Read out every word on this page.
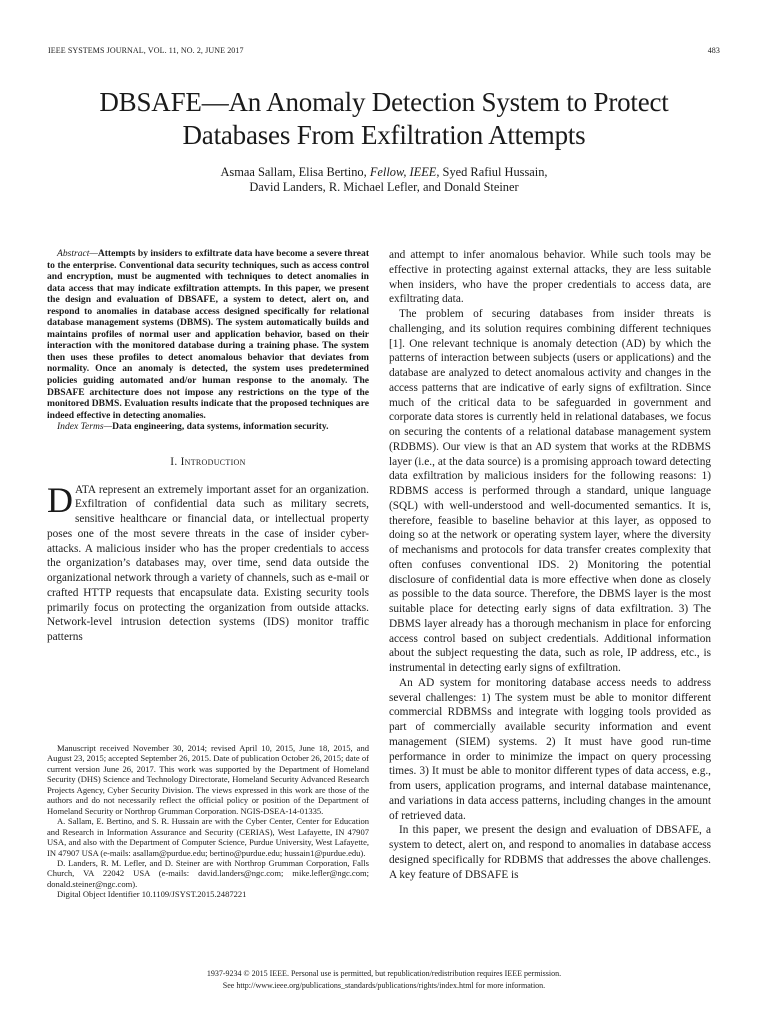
IEEE SYSTEMS JOURNAL, VOL. 11, NO. 2, JUNE 2017	483
DBSAFE—An Anomaly Detection System to Protect Databases From Exfiltration Attempts
Asmaa Sallam, Elisa Bertino, Fellow, IEEE, Syed Rafiul Hussain,
David Landers, R. Michael Lefler, and Donald Steiner

Abstract—Attempts by insiders to exfiltrate data have become a severe threat to the enterprise. Conventional data security techniques, such as access control and encryption, must be augmented with techniques to detect anomalies in data access that may indicate exfiltration attempts. In this paper, we present the design and evaluation of DBSAFE, a system to detect, alert on, and respond to anomalies in database access designed specifically for relational database management systems (DBMS). The system automatically builds and maintains profiles of normal user and application behavior, based on their interaction with the monitored database during a training phase. The system then uses these profiles to detect anomalous behavior that deviates from normality. Once an anomaly is detected, the system uses predetermined policies guiding automated and/or human response to the anomaly. The DBSAFE architecture does not impose any restrictions on the type of the monitored DBMS. Evaluation results indicate that the proposed techniques are indeed effective in detecting anomalies.

Index Terms—Data engineering, data systems, information security.

I. Introduction

DATA represent an extremely important asset for an organization. Exfiltration of confidential data such as military secrets, sensitive healthcare or financial data, or intellectual property poses one of the most severe threats in the case of insider cyber-attacks. A malicious insider who has the proper credentials to access the organization’s databases may, over time, send data outside the organizational network through a variety of channels, such as e-mail or crafted HTTP requests that encapsulate data. Existing security tools primarily focus on protecting the organization from outside attacks. Network-level intrusion detection systems (IDS) monitor traffic patterns

and attempt to infer anomalous behavior. While such tools may be effective in protecting against external attacks, they are less suitable when insiders, who have the proper credentials to access data, are exfiltrating data.

The problem of securing databases from insider threats is challenging, and its solution requires combining different techniques [1]. One relevant technique is anomaly detection (AD) by which the patterns of interaction between subjects (users or applications) and the database are analyzed to detect anomalous activity and changes in the access patterns that are indicative of early signs of exfiltration. Since much of the critical data to be safeguarded in government and corporate data stores is currently held in relational databases, we focus on securing the contents of a relational database management system (RDBMS). Our view is that an AD system that works at the RDBMS layer (i.e., at the data source) is a promising approach toward detecting data exfiltration by malicious insiders for the following reasons: 1) RDBMS access is performed through a standard, unique language (SQL) with well-understood and well-documented semantics. It is, therefore, feasible to baseline behavior at this layer, as opposed to doing so at the network or operating system layer, where the diversity of mechanisms and protocols for data transfer creates complexity that often confuses conventional IDS. 2) Monitoring the potential disclosure of confidential data is more effective when done as closely as possible to the data source. Therefore, the DBMS layer is the most suitable place for detecting early signs of data exfiltration. 3) The DBMS layer already has a thorough mechanism in place for enforcing access control based on subject credentials. Additional information about the subject requesting the data, such as role, IP address, etc., is instrumental in detecting early signs of exfiltration.

An AD system for monitoring database access needs to address several challenges: 1) The system must be able to monitor different commercial RDBMSs and integrate with logging tools provided as part of commercially available security information and event management (SIEM) systems. 2) It must have good run-time performance in order to minimize the impact on query processing times. 3) It must be able to monitor different types of data access, e.g., from users, application programs, and internal database maintenance, and variations in data access patterns, including changes in the amount of retrieved data.

In this paper, we present the design and evaluation of DBSAFE, a system to detect, alert on, and respond to anomalies in database access designed specifically for RDBMS that addresses the above challenges. A key feature of DBSAFE is

Manuscript received November 30, 2014; revised April 10, 2015, June 18, 2015, and August 23, 2015; accepted September 26, 2015. Date of publication October 26, 2015; date of current version June 26, 2017. This work was supported by the Department of Homeland Security (DHS) Science and Technology Directorate, Homeland Security Advanced Research Projects Agency, Cyber Security Division. The views expressed in this work are those of the authors and do not necessarily reflect the official policy or position of the Department of Homeland Security or Northrop Grumman Corporation. NGIS-DSEA-14-01335.

A. Sallam, E. Bertino, and S. R. Hussain are with the Cyber Center, Center for Education and Research in Information Assurance and Security (CERIAS), West Lafayette, IN 47907 USA, and also with the Department of Computer Science, Purdue University, West Lafayette, IN 47907 USA (e-mails: asallam@purdue.edu; bertino@purdue.edu; hussain1@purdue.edu).

D. Landers, R. M. Lefler, and D. Steiner are with Northrop Grumman Corporation, Falls Church, VA 22042 USA (e-mails: david.landers@ngc.com; mike.lefler@ngc.com; donald.steiner@ngc.com).

Digital Object Identifier 10.1109/JSYST.2015.2487221

1937-9234 © 2015 IEEE. Personal use is permitted, but republication/redistribution requires IEEE permission.
See http://www.ieee.org/publications_standards/publications/rights/index.html for more information.
